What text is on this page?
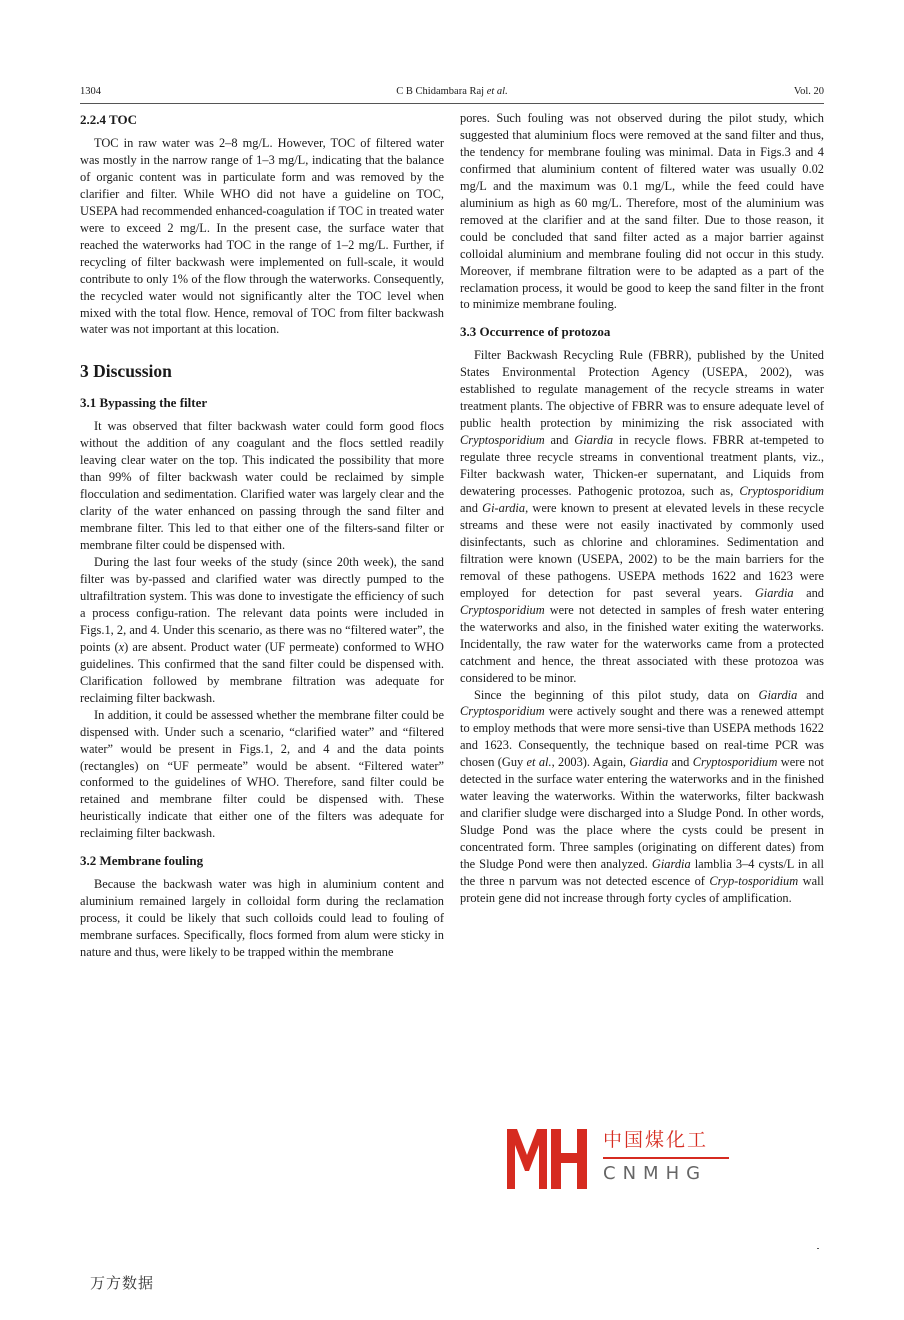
1304	C B Chidambara Raj et al.	Vol. 20
2.2.4 TOC

TOC in raw water was 2–8 mg/L. However, TOC of filtered water was mostly in the narrow range of 1–3 mg/L, indicating that the balance of organic content was in particulate form and was removed by the clarifier and filter. While WHO did not have a guideline on TOC, USEPA had recommended enhanced-coagulation if TOC in treated water were to exceed 2 mg/L. In the present case, the surface water that reached the waterworks had TOC in the range of 1–2 mg/L. Further, if recycling of filter backwash were implemented on full-scale, it would contribute to only 1% of the flow through the waterworks. Consequently, the recycled water would not significantly alter the TOC level when mixed with the total flow. Hence, removal of TOC from filter backwash water was not important at this location.

3 Discussion
3.1 Bypassing the filter

It was observed that filter backwash water could form good flocs without the addition of any coagulant and the flocs settled readily leaving clear water on the top. This indicated the possibility that more than 99% of filter backwash water could be reclaimed by simple flocculation and sedimentation. Clarified water was largely clear and the clarity of the water enhanced on passing through the sand filter and membrane filter. This led to that either one of the filters-sand filter or membrane filter could be dispensed with.

During the last four weeks of the study (since 20th week), the sand filter was by-passed and clarified water was directly pumped to the ultrafiltration system. This was done to investigate the efficiency of such a process configu-ration. The relevant data points were included in Figs.1, 2, and 4. Under this scenario, as there was no “filtered water”, the points (x) are absent. Product water (UF permeate) conformed to WHO guidelines. This confirmed that the sand filter could be dispensed with. Clarification followed by membrane filtration was adequate for reclaiming filter backwash.

In addition, it could be assessed whether the membrane filter could be dispensed with. Under such a scenario, “clarified water” and “filtered water” would be present in Figs.1, 2, and 4 and the data points (rectangles) on “UF permeate” would be absent. “Filtered water” conformed to the guidelines of WHO. Therefore, sand filter could be retained and membrane filter could be dispensed with. These heuristically indicate that either one of the filters was adequate for reclaiming filter backwash.

3.2 Membrane fouling

Because the backwash water was high in aluminium content and aluminium remained largely in colloidal form during the reclamation process, it could be likely that such colloids could lead to fouling of membrane surfaces. Specifically, flocs formed from alum were sticky in nature and thus, were likely to be trapped within the membrane

pores. Such fouling was not observed during the pilot study, which suggested that aluminium flocs were removed at the sand filter and thus, the tendency for membrane fouling was minimal. Data in Figs.3 and 4 confirmed that aluminium content of filtered water was usually 0.02 mg/L and the maximum was 0.1 mg/L, while the feed could have aluminium as high as 60 mg/L. Therefore, most of the aluminium was removed at the clarifier and at the sand filter. Due to those reason, it could be concluded that sand filter acted as a major barrier against colloidal aluminium and membrane fouling did not occur in this study. Moreover, if membrane filtration were to be adapted as a part of the reclamation process, it would be good to keep the sand filter in the front to minimize membrane fouling.

3.3 Occurrence of protozoa

Filter Backwash Recycling Rule (FBRR), published by the United States Environmental Protection Agency (USEPA, 2002), was established to regulate management of the recycle streams in water treatment plants. The objective of FBRR was to ensure adequate level of public health protection by minimizing the risk associated with Cryptosporidium and Giardia in recycle flows. FBRR at-tempeted to regulate three recycle streams in conventional treatment plants, viz., Filter backwash water, Thicken-er supernatant, and Liquids from dewatering processes. Pathogenic protozoa, such as, Cryptosporidium and Gi-ardia, were known to present at elevated levels in these recycle streams and these were not easily inactivated by commonly used disinfectants, such as chlorine and chloramines. Sedimentation and filtration were known (USEPA, 2002) to be the main barriers for the removal of these pathogens. USEPA methods 1622 and 1623 were employed for detection for past several years. Giardia and Cryptosporidium were not detected in samples of fresh water entering the waterworks and also, in the finished water exiting the waterworks. Incidentally, the raw water for the waterworks came from a protected catchment and hence, the threat associated with these protozoa was considered to be minor.

Since the beginning of this pilot study, data on Giardia and Cryptosporidium were actively sought and there was a renewed attempt to employ methods that were more sensi-tive than USEPA methods 1622 and 1623. Consequently, the technique based on real-time PCR was chosen (Guy et al., 2003). Again, Giardia and Cryptosporidium were not detected in the surface water entering the waterworks and in the finished water leaving the waterworks. Within the waterworks, filter backwash and clarifier sludge were discharged into a Sludge Pond. In other words, Sludge Pond was the place where the cysts could be present in concentrated form. Three samples (originating on different dates) from the Sludge Pond were then analyzed. Giardia lamblia 3–4 cysts/L in all the three n parvum was not detected escence of Cryp-tosporidium wall protein gene did not increase through forty cycles of amplification.

中国煤化工
CNMHG
万方数据
